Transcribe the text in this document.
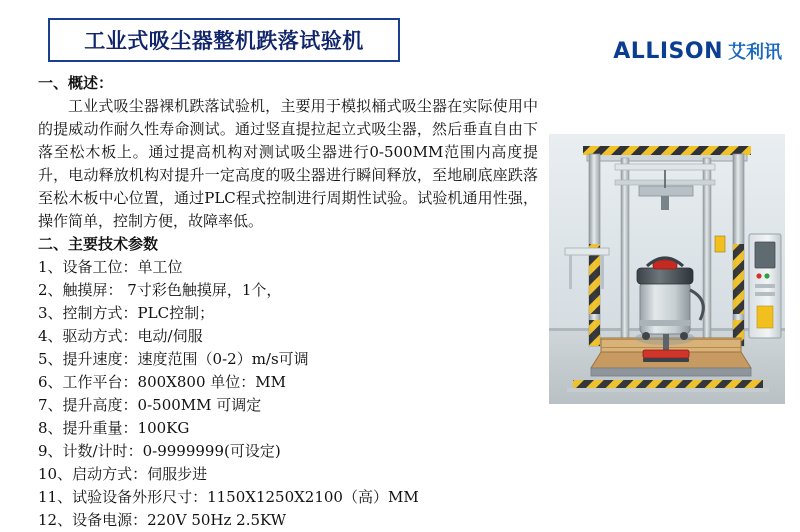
工业式吸尘器整机跌落试验机	ALLISON 艾利讯

一、概述：

工业式吸尘器裸机跌落试验机，主要用于模拟桶式吸尘器在实际使用中的提威动作耐久性寿命测试。通过竖直提拉起立式吸尘器，然后垂直自由下落至松木板上。通过提高机构对测试吸尘器进行0-500MM范围内高度提升，电动释放机构对提升一定高度的吸尘器进行瞬间释放，至地刷底座跌落至松木板中心位置，通过PLC程式控制进行周期性试验。试验机通用性强，操作简单，控制方便，故障率低。

二、主要技术参数

1、设备工位：单工位
2、触摸屏： 7寸彩色触摸屏，1个，
3、控制方式：PLC控制；
4、驱动方式：电动/伺服
5、提升速度：速度范围（0-2）m/s可调
6、工作平台：800X800 单位：MM
7、提升高度：0-500MM 可调定
8、提升重量：100KG
9、计数/计时：0-9999999(可设定)
10、启动方式：伺服步进
11、试验设备外形尺寸：1150X1250X2100（高）MM
12、设备电源：220V 50Hz 2.5KW
